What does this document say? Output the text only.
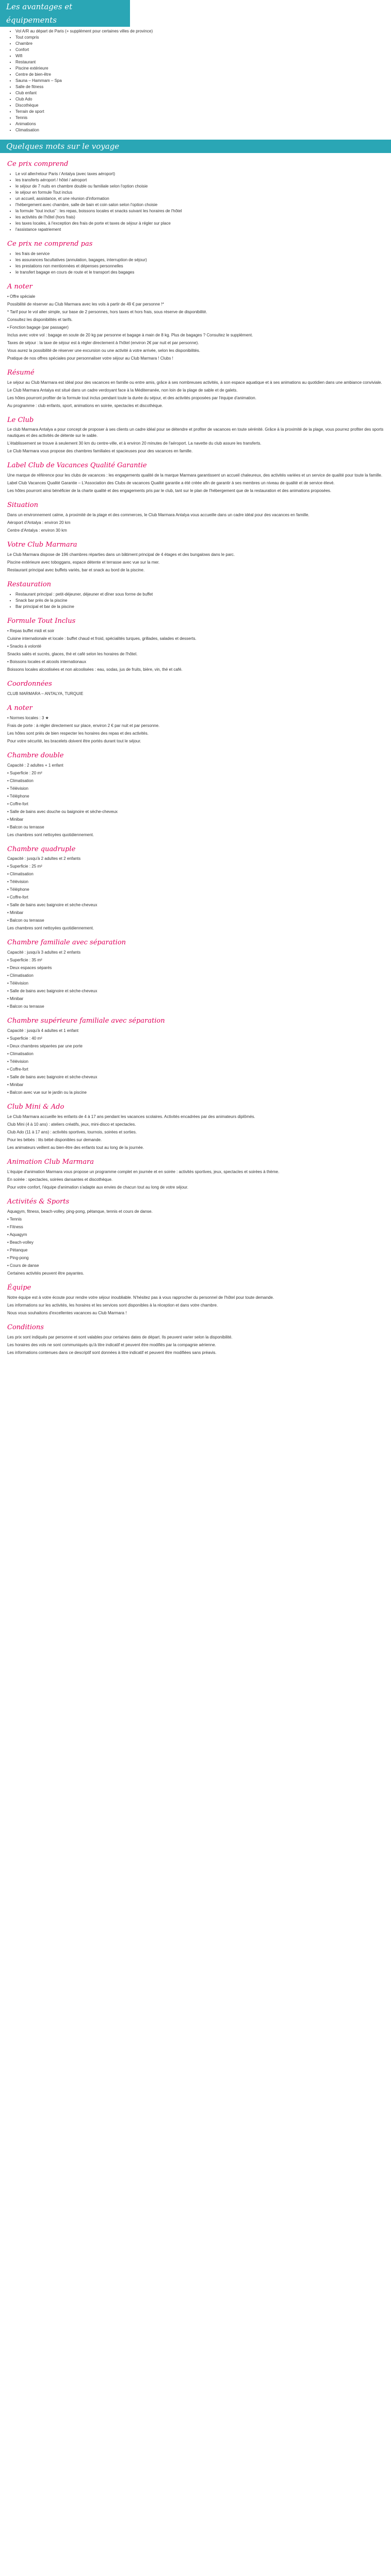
Les avantages et équipements
• Vol A/R au départ de Paris (+ supplément pour certaines villes de province)
• Tout compris
• Chambre
• Confort
• Wifi
• Restaurant
• Piscine extérieure
• Centre de bien-être
• Sauna – Hammam – Spa
• Salle de fitness
• Club enfant
• Club Ado
• Discothèque
• Terrain de sport
• Tennis
• Animations
• Climatisation
Quelques mots sur le voyage
Ce prix comprend
• Le vol aller/retour Paris / Antalya (avec taxes aéroport)
• les transferts aéroport / hôtel / aéroport
• le séjour de 7 nuits en chambre double ou familiale selon l'option choisie
• le séjour en formule Tout inclus
• un accueil, assistance, et une réunion d'information
• l'hébergement avec chambre, salle de bain et coin salon selon l'option choisie
• la formule "tout inclus" : les repas, boissons locales et snacks suivant les horaires de l'hôtel
• les activités de l'hôtel (hors frais)
• les taxes locales, à l'exception des frais de porte et taxes de séjour à régler sur place
• l'assistance rapatriement
Ce prix ne comprend pas
• les frais de service
• les assurances facultatives (annulation, bagages, interruption de séjour)
• les prestations non mentionnées et dépenses personnelles
• le transfert bagage en cours de route et le transport des bagages
A noter

• Offre spéciale

Possibilité de réserver au Club Marmara avec les vols à partir de 49 € par personne !*

* Tarif pour le vol aller simple, sur base de 2 personnes, hors taxes et hors frais, sous réserve de disponibilité.

Consultez les disponibilités et tarifs.

• Fonction bagage (par passager)

Inclus avec votre vol : bagage en soute de 20 kg par personne et bagage à main de 8 kg. Plus de bagages ? Consultez le supplément.

Taxes de séjour : la taxe de séjour est à régler directement à l'hôtel (environ 2€ par nuit et par personne).

Vous aurez la possibilité de réserver une excursion ou une activité à votre arrivée, selon les disponibilités.

Pratique de nos offres spéciales pour personnaliser votre séjour au Club Marmara ! Clubs !

Résumé

Le séjour au Club Marmara est idéal pour des vacances en famille ou entre amis, grâce à ses nombreuses activités, à son espace aquatique et à ses animations au quotidien dans une ambiance conviviale.

Le Club Marmara Antalya est situé dans un cadre verdoyant face à la Méditerranée, non loin de la plage de sable et de galets.

Les hôtes pourront profiter de la formule tout inclus pendant toute la durée du séjour, et des activités proposées par l'équipe d'animation.

Au programme : club enfants, sport, animations en soirée, spectacles et discothèque.

Le Club

Le club Marmara Antalya a pour concept de proposer à ses clients un cadre idéal pour se détendre et profiter de vacances en toute sérénité. Grâce à la proximité de la plage, vous pourrez profiter des sports nautiques et des activités de détente sur le sable.

L'établissement se trouve à seulement 30 km du centre-ville, et à environ 20 minutes de l'aéroport. La navette du club assure les transferts.

Le Club Marmara vous propose des chambres familiales et spacieuses pour des vacances en famille.

Label Club de Vacances Qualité Garantie

Une marque de référence pour les clubs de vacances : les engagements qualité de la marque Marmara garantissent un accueil chaleureux, des activités variées et un service de qualité pour toute la famille.

Label Club Vacances Qualité Garantie – L'Association des Clubs de vacances Qualité garantie a été créée afin de garantir à ses membres un niveau de qualité et de service élevé.

Les hôtes pourront ainsi bénéficier de la charte qualité et des engagements pris par le club, tant sur le plan de l'hébergement que de la restauration et des animations proposées.

Situation

Dans un environnement calme, à proximité de la plage et des commerces, le Club Marmara Antalya vous accueille dans un cadre idéal pour des vacances en famille.

Aéroport d'Antalya : environ 20 km

Centre d'Antalya : environ 30 km

Votre Club Marmara

Le Club Marmara dispose de 196 chambres réparties dans un bâtiment principal de 4 étages et des bungalows dans le parc.

Piscine extérieure avec toboggans, espace détente et terrasse avec vue sur la mer.

Restaurant principal avec buffets variés, bar et snack au bord de la piscine.

Restauration
• Restaurant principal : petit-déjeuner, déjeuner et dîner sous forme de buffet
• Snack bar près de la piscine
• Bar principal et bar de la piscine
Formule Tout Inclus

• Repas buffet midi et soir

Cuisine internationale et locale : buffet chaud et froid, spécialités turques, grillades, salades et desserts.

• Snacks à volonté

Snacks salés et sucrés, glaces, thé et café selon les horaires de l'hôtel.

• Boissons locales et alcools internationaux

Boissons locales alcoolisées et non alcoolisées : eau, sodas, jus de fruits, bière, vin, thé et café.

Coordonnées

CLUB MARMARA – ANTALYA, TURQUIE

A noter

• Normes locales : 3 ★

Frais de porte : à régler directement sur place, environ 2 € par nuit et par personne.

Les hôtes sont priés de bien respecter les horaires des repas et des activités.

Pour votre sécurité, les bracelets doivent être portés durant tout le séjour.

Chambre double

Capacité : 2 adultes + 1 enfant

• Superficie : 20 m²

• Climatisation

• Télévision

• Téléphone

• Coffre-fort

• Salle de bains avec douche ou baignoire et sèche-cheveux

• Minibar

• Balcon ou terrasse

Les chambres sont nettoyées quotidiennement.

Chambre quadruple

Capacité : jusqu'à 2 adultes et 2 enfants

• Superficie : 25 m²

• Climatisation

• Télévision

• Téléphone

• Coffre-fort

• Salle de bains avec baignoire et sèche-cheveux

• Minibar

• Balcon ou terrasse

Les chambres sont nettoyées quotidiennement.

Chambre familiale avec séparation

Capacité : jusqu'à 3 adultes et 2 enfants

• Superficie : 35 m²

• Deux espaces séparés

• Climatisation

• Télévision

• Salle de bains avec baignoire et sèche-cheveux

• Minibar

• Balcon ou terrasse

Chambre supérieure familiale avec séparation

Capacité : jusqu'à 4 adultes et 1 enfant

• Superficie : 40 m²

• Deux chambres séparées par une porte

• Climatisation

• Télévision

• Coffre-fort

• Salle de bains avec baignoire et sèche-cheveux

• Minibar

• Balcon avec vue sur le jardin ou la piscine

Club Mini & Ado

Le Club Marmara accueille les enfants de 4 à 17 ans pendant les vacances scolaires. Activités encadrées par des animateurs diplômés.

Club Mini (4 à 10 ans) : ateliers créatifs, jeux, mini-disco et spectacles.

Club Ado (11 à 17 ans) : activités sportives, tournois, soirées et sorties.

Pour les bébés : lits bébé disponibles sur demande.

Les animateurs veillent au bien-être des enfants tout au long de la journée.

Animation Club Marmara

L'équipe d'animation Marmara vous propose un programme complet en journée et en soirée : activités sportives, jeux, spectacles et soirées à thème.

En soirée : spectacles, soirées dansantes et discothèque.

Pour votre confort, l'équipe d'animation s'adapte aux envies de chacun tout au long de votre séjour.

Activités & Sports

Aquagym, fitness, beach-volley, ping-pong, pétanque, tennis et cours de danse.

• Tennis

• Fitness

• Aquagym

• Beach-volley

• Pétanque

• Ping-pong

• Cours de danse

Certaines activités peuvent être payantes.

Équipe

Notre équipe est à votre écoute pour rendre votre séjour inoubliable. N'hésitez pas à vous rapprocher du personnel de l'hôtel pour toute demande.

Les informations sur les activités, les horaires et les services sont disponibles à la réception et dans votre chambre.

Nous vous souhaitons d'excellentes vacances au Club Marmara !

Conditions

Les prix sont indiqués par personne et sont valables pour certaines dates de départ. Ils peuvent varier selon la disponibilité.

Les horaires des vols ne sont communiqués qu'à titre indicatif et peuvent être modifiés par la compagnie aérienne.

Les informations contenues dans ce descriptif sont données à titre indicatif et peuvent être modifiées sans préavis.
